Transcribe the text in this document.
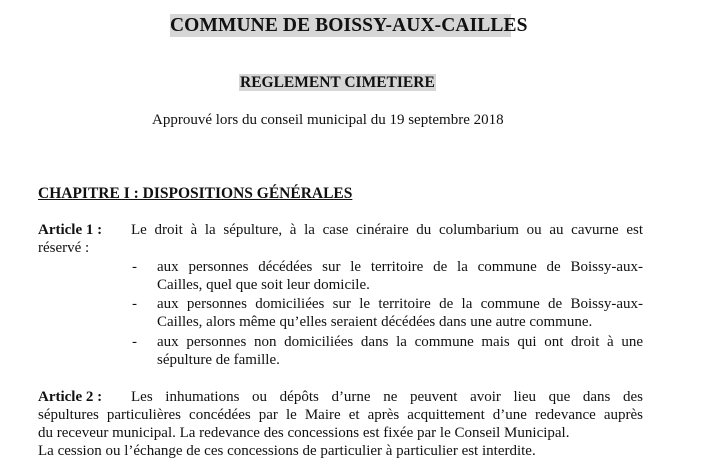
COMMUNE DE BOISSY-AUX-CAILLES
REGLEMENT CIMETIERE
Approuvé lors du conseil municipal du 19 septembre 2018
CHAPITRE I : DISPOSITIONS GÉNÉRALES
Article 1 : Le droit à la sépulture, à la case cinéraire du columbarium ou au cavurne est
réservé :
- aux personnes décédées sur le territoire de la commune de Boissy-aux-
Cailles, quel que soit leur domicile.
- aux personnes domiciliées sur le territoire de la commune de Boissy-aux-
Cailles, alors même qu’elles seraient décédées dans une autre commune.
- aux personnes non domiciliées dans la commune mais qui ont droit à une
sépulture de famille.
Article 2 : Les inhumations ou dépôts d’urne ne peuvent avoir lieu que dans des
sépultures particulières concédées par le Maire et après acquittement d’une redevance auprès
du receveur municipal. La redevance des concessions est fixée par le Conseil Municipal.
La cession ou l’échange de ces concessions de particulier à particulier est interdite.
